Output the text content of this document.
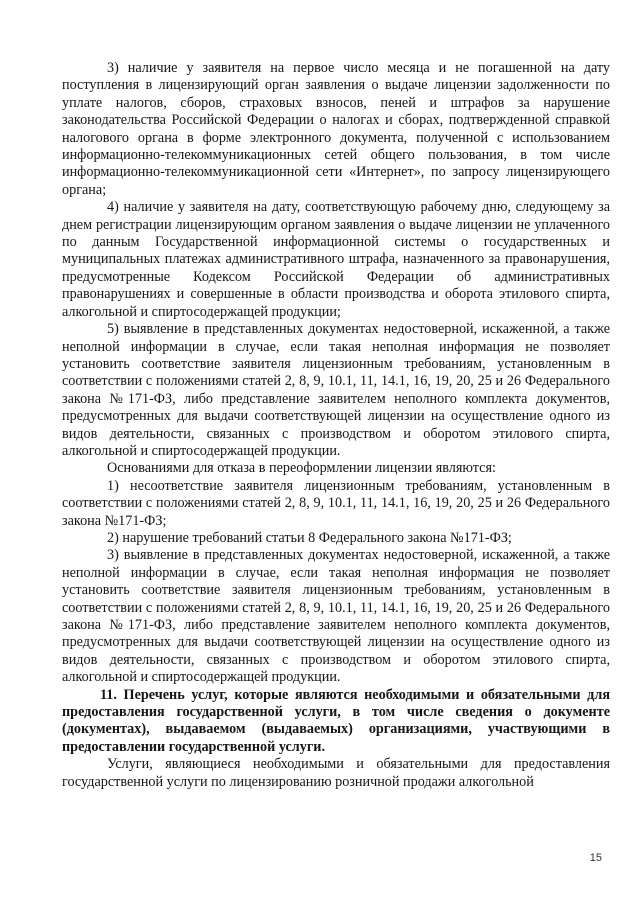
3) наличие у заявителя на первое число месяца и не погашенной на дату поступления в лицензирующий орган заявления о выдаче лицензии задолженности по уплате налогов, сборов, страховых взносов, пеней и штрафов за нарушение законодательства Российской Федерации о налогах и сборах, подтвержденной справкой налогового органа в форме электронного документа, полученной с использованием информационно-телекоммуникационных сетей общего пользования, в том числе информационно-телекоммуникационной сети «Интернет», по запросу лицензирующего органа;

4) наличие у заявителя на дату, соответствующую рабочему дню, следующему за днем регистрации лицензирующим органом заявления о выдаче лицензии не уплаченного по данным Государственной информационной системы о государственных и муниципальных платежах административного штрафа, назначенного за правонарушения, предусмотренные Кодексом Российской Федерации об административных правонарушениях и совершенные в области производства и оборота этилового спирта, алкогольной и спиртосодержащей продукции;

5) выявление в представленных документах недостоверной, искаженной, а также неполной информации в случае, если такая неполная информация не позволяет установить соответствие заявителя лицензионным требованиям, установленным в соответствии с положениями статей 2, 8, 9, 10.1, 11, 14.1, 16, 19, 20, 25 и 26 Федерального закона №171-ФЗ, либо представление заявителем неполного комплекта документов, предусмотренных для выдачи соответствующей лицензии на осуществление одного из видов деятельности, связанных с производством и оборотом этилового спирта, алкогольной и спиртосодержащей продукции.

Основаниями для отказа в переоформлении лицензии являются:

1) несоответствие заявителя лицензионным требованиям, установленным в соответствии с положениями статей 2, 8, 9, 10.1, 11, 14.1, 16, 19, 20, 25 и 26 Федерального закона №171-ФЗ;

2) нарушение требований статьи 8 Федерального закона №171-ФЗ;

3) выявление в представленных документах недостоверной, искаженной, а также неполной информации в случае, если такая неполная информация не позволяет установить соответствие заявителя лицензионным требованиям, установленным в соответствии с положениями статей 2, 8, 9, 10.1, 11, 14.1, 16, 19, 20, 25 и 26 Федерального закона №171-ФЗ, либо представление заявителем неполного комплекта документов, предусмотренных для выдачи соответствующей лицензии на осуществление одного из видов деятельности, связанных с производством и оборотом этилового спирта, алкогольной и спиртосодержащей продукции.

11. Перечень услуг, которые являются необходимыми и обязательными для предоставления государственной услуги, в том числе сведения о документе (документах), выдаваемом (выдаваемых) организациями, участвующими в предоставлении государственной услуги.

Услуги, являющиеся необходимыми и обязательными для предоставления государственной услуги по лицензированию розничной продажи алкогольной

15
